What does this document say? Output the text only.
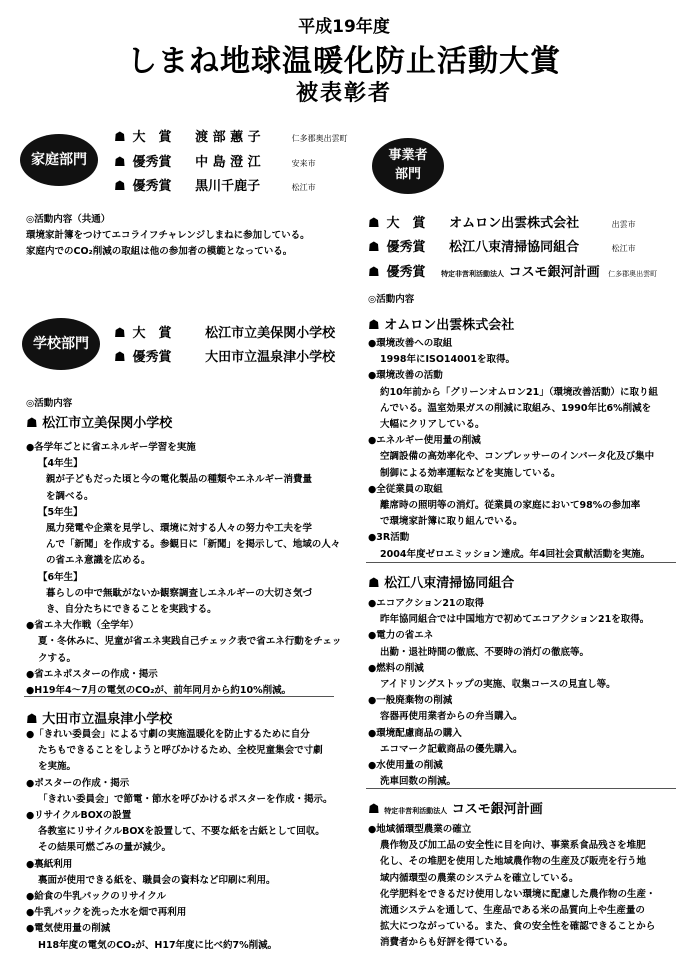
平成19年度
しまね地球温暖化防止活動大賞
被表彰者
家庭部門
☗ 大　賞 渡 部 蕙 子	仁多郡奥出雲町
☗ 優秀賞 中 島 澄 江	安来市
☗ 優秀賞 黒川千鹿子	松江市
◎活動内容（共通）
環境家計簿をつけてエコライフチャレンジしまねに参加している。
家庭内でのCO₂削減の取組は他の参加者の模範となっている。
学校部門
☗ 大　賞	松江市立美保関小学校
☗ 優秀賞	大田市立温泉津小学校
◎活動内容
☗ 松江市立美保関小学校
●各学年ごとに省エネルギー学習を実施
【4年生】
親が子どもだった頃と今の電化製品の種類やエネルギー消費量
を調べる。
【5年生】
風力発電や企業を見学し、環境に対する人々の努力や工夫を学
んで「新聞」を作成する。参観日に「新聞」を掲示して、地域の人々
の省エネ意識を広める。
【6年生】
暮らしの中で無駄がないか観察調査しエネルギーの大切さ気づ
き、自分たちにできることを実践する。
●省エネ大作戦（全学年）
夏・冬休みに、児童が省エネ実践自己チェック表で省エネ行動をチェッ
クする。
●省エネポスターの作成・掲示
●H19年4～7月の電気のCO₂が、前年同月から約10%削減。
☗ 大田市立温泉津小学校
●「きれい委員会」による寸劇の実施温暖化を防止するために自分
たちもできることをしようと呼びかけるため、全校児童集会で寸劇
を実施。
●ポスターの作成・掲示
「きれい委員会」で節電・節水を呼びかけるポスターを作成・掲示。
●リサイクルBOXの設置
各教室にリサイクルBOXを設置して、不要な紙を古紙として回収。
その結果可燃ごみの量が減少。
●裏紙利用
裏面が使用できる紙を、職員会の資料など印刷に利用。
●給食の牛乳パックのリサイクル
●牛乳パックを洗った水を畑で再利用
●電気使用量の削減
H18年度の電気のCO₂が、H17年度に比べ約7%削減。
事業者
部門
☗ 大　賞 オムロン出雲株式会社	出雲市
☗ 優秀賞 松江八束清掃協同組合	松江市
☗ 優秀賞 特定非営利活動法人 コスモ銀河計画 仁多郡奥出雲町
◎活動内容
☗ オムロン出雲株式会社
●環境改善への取組
1998年にISO14001を取得。
●環境改善の活動
約10年前から「グリーンオムロン21」（環境改善活動）に取り組
んでいる。温室効果ガスの削減に取組み、1990年比6%削減を
大幅にクリアしている。
●エネルギー使用量の削減
空調設備の高効率化や、コンプレッサーのインバータ化及び集中
制御による効率運転などを実施している。
●全従業員の取組
離席時の照明等の消灯。従業員の家庭において98%の参加率
で環境家計簿に取り組んでいる。
●3R活動
2004年度ゼロエミッション達成。年4回社会貢献活動を実施。
☗ 松江八束清掃協同組合
●エコアクション21の取得
昨年協同組合では中国地方で初めてエコアクション21を取得。
●電力の省エネ
出勤・退社時間の徹底、不要時の消灯の徹底等。
●燃料の削減
アイドリングストップの実施、収集コースの見直し等。
●一般廃棄物の削減
容器再使用業者からの弁当購入。
●環境配慮商品の購入
エコマーク記載商品の優先購入。
●水使用量の削減
洗車回数の削減。
☗ 特定非営利活動法人 コスモ銀河計画
●地域循環型農業の確立
農作物及び加工品の安全性に目を向け、事業系食品残さを堆肥
化し、その堆肥を使用した地域農作物の生産及び販売を行う地
域内循環型の農業のシステムを確立している。
化学肥料をできるだけ使用しない環境に配慮した農作物の生産・
流通システムを通して、生産品である米の品質向上や生産量の
拡大につながっている。また、食の安全性を確認できることから
消費者からも好評を得ている。
